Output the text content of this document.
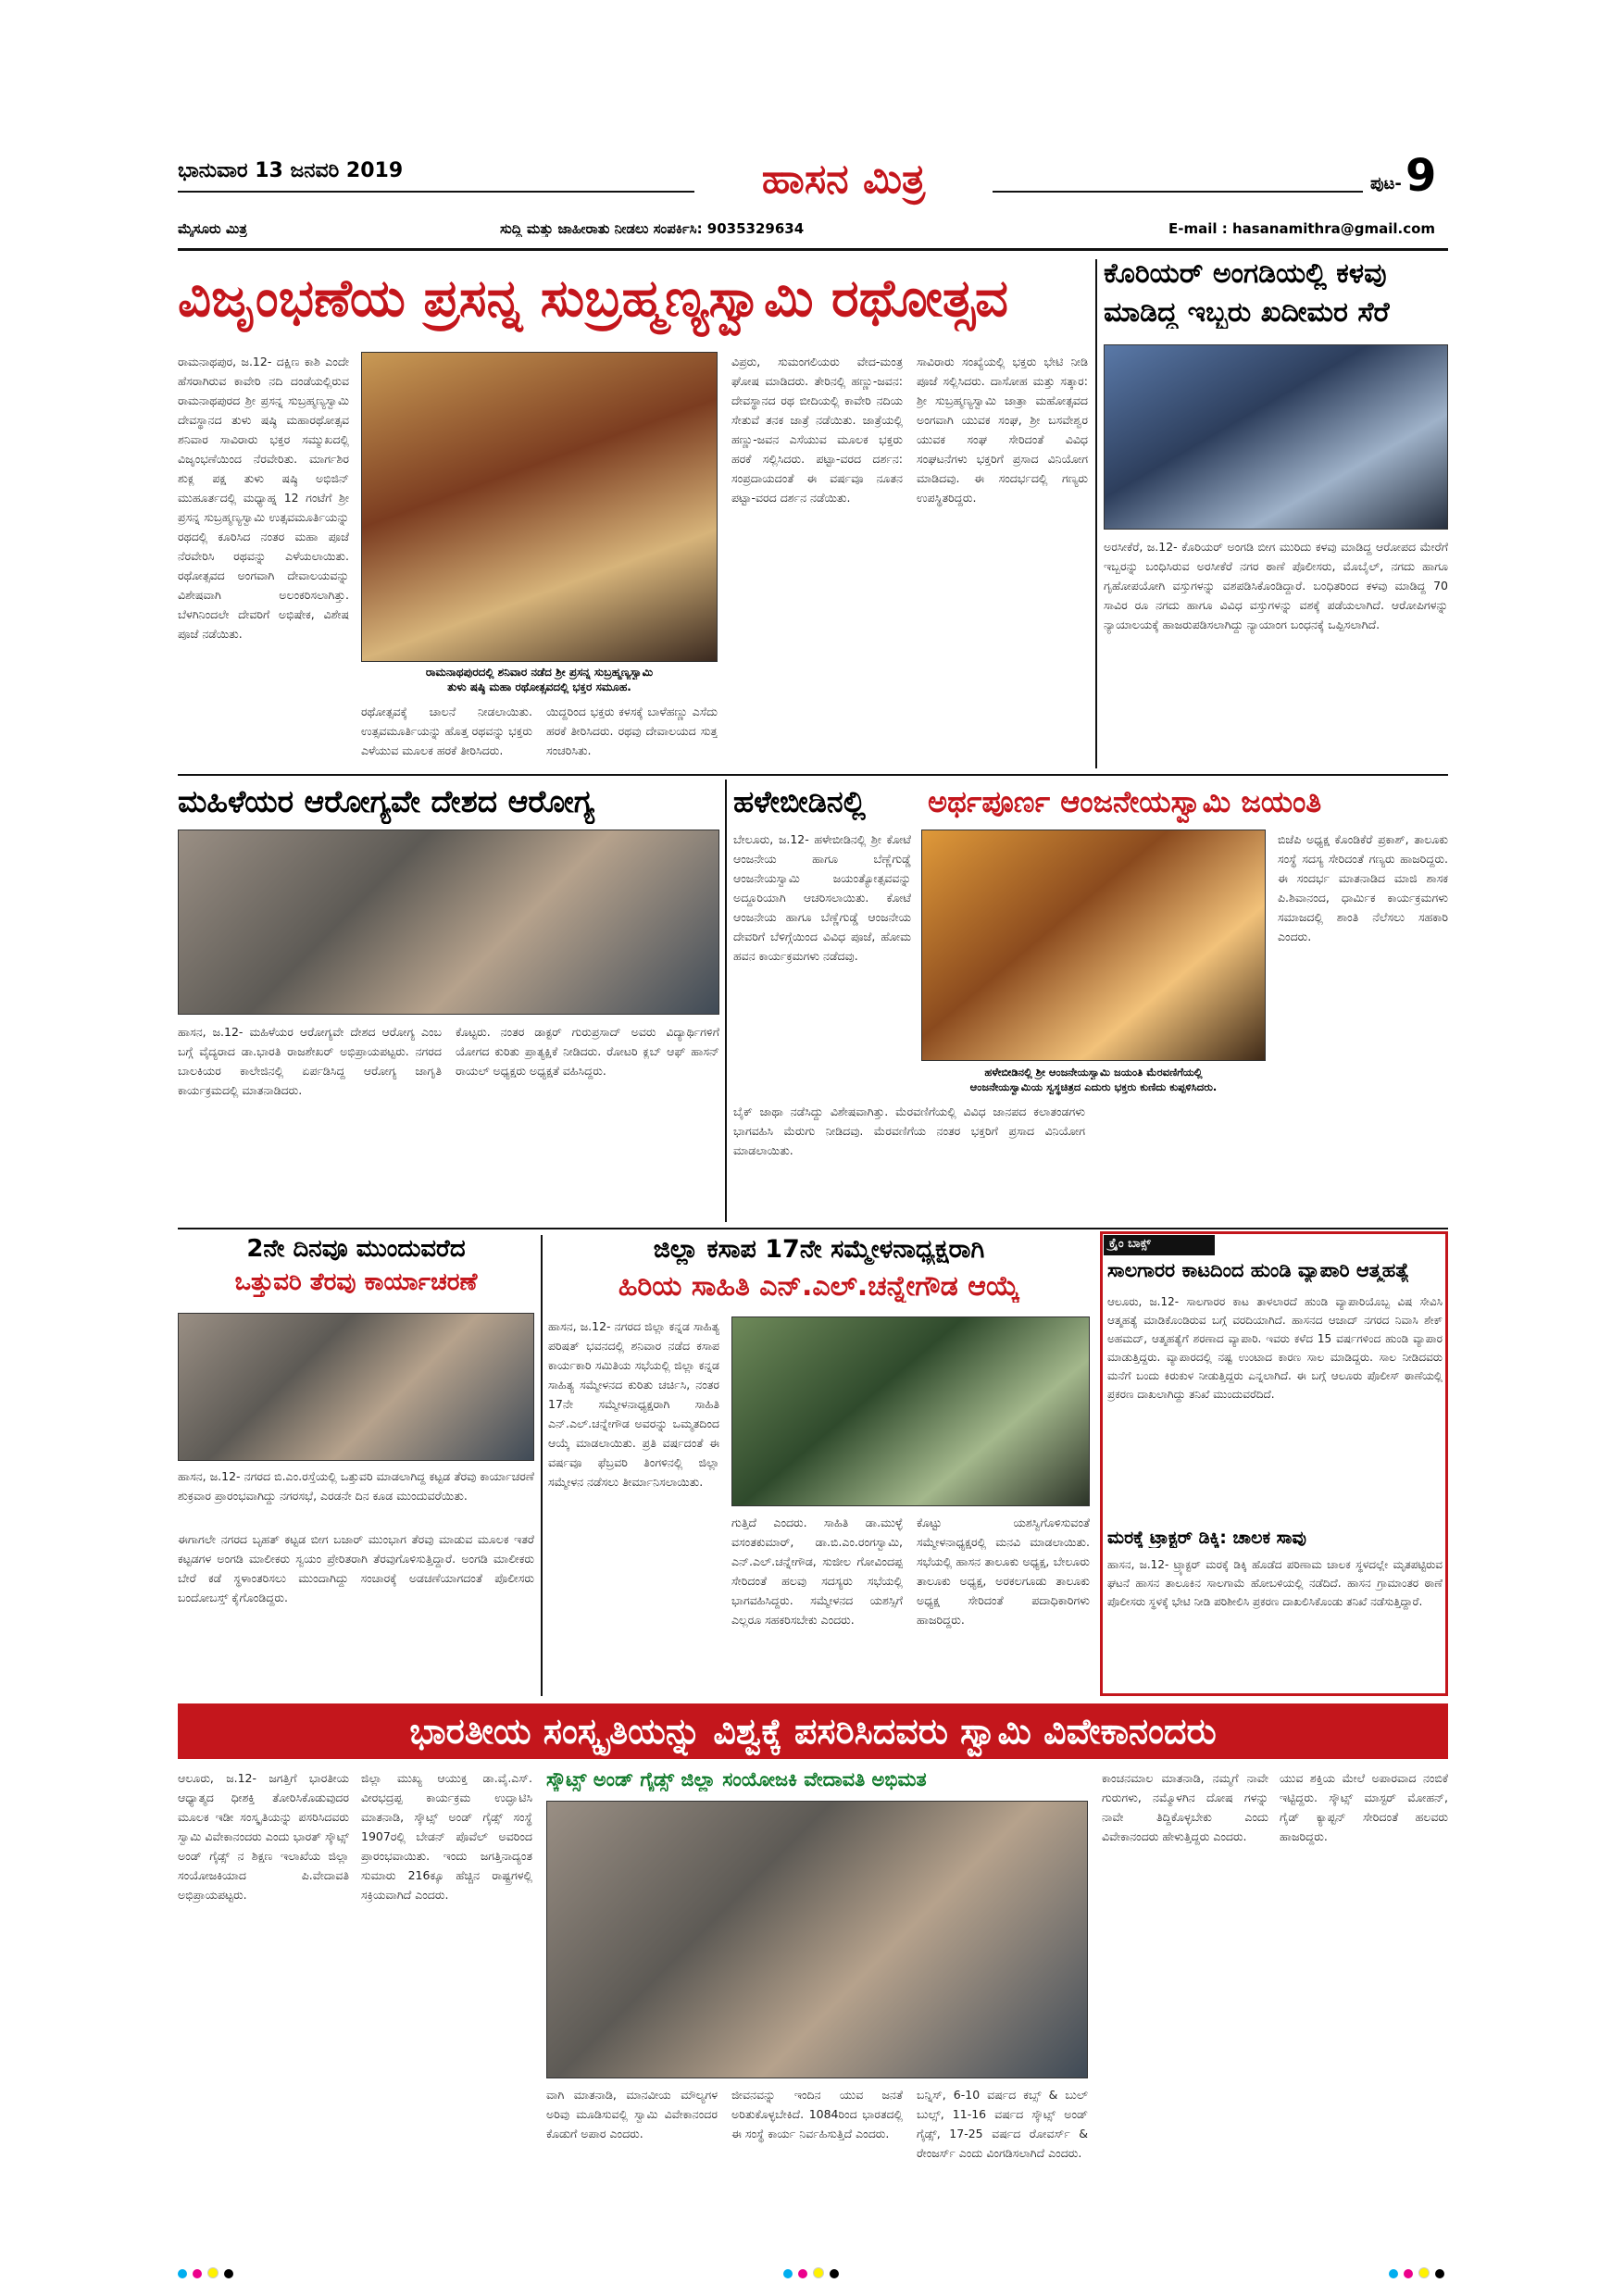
ಭಾನುವಾರ 13 ಜನವರಿ 2019	ಹಾಸನ ಮಿತ್ರ	ಪುಟ- 9
ಮೈಸೂರು ಮಿತ್ರ	ಸುದ್ದಿ ಮತ್ತು ಜಾಹೀರಾತು ನೀಡಲು ಸಂಪರ್ಕಿಸಿ: 9035329634	E-mail : hasanamithra@gmail.com
ವಿಜೃಂಭಣೆಯ ಪ್ರಸನ್ನ ಸುಬ್ರಹ್ಮಣ್ಯಸ್ವಾಮಿ ರಥೋತ್ಸವ
ರಾಮನಾಥಪುರ, ಜ.12- ದಕ್ಷಿಣ ಕಾಶಿ ಎಂದೇ ಹೆಸರಾಗಿರುವ ಕಾವೇರಿ ನದಿ ದಂಡೆಯಲ್ಲಿರುವ ರಾಮನಾಥಪುರದ ಶ್ರೀ ಪ್ರಸನ್ನ ಸುಬ್ರಹ್ಮಣ್ಯಸ್ವಾಮಿ ದೇವಸ್ಥಾನದ ತುಳು ಷಷ್ಠಿ ಮಹಾರಥೋತ್ಸವ ಶನಿವಾರ ಸಾವಿರಾರು ಭಕ್ತರ ಸಮ್ಮುಖದಲ್ಲಿ ವಿಜೃಂಭಣೆಯಿಂದ ನೆರವೇರಿತು. ಮಾರ್ಗಶಿರ ಶುಕ್ಲ ಪಕ್ಷ ತುಳು ಷಷ್ಠಿ ಅಭಿಜಿನ್ ಮುಹೂರ್ತದಲ್ಲಿ ಮಧ್ಯಾಹ್ನ 12 ಗಂಟೆಗೆ ಶ್ರೀ ಪ್ರಸನ್ನ ಸುಬ್ರಹ್ಮಣ್ಯಸ್ವಾಮಿ ಉತ್ಸವಮೂರ್ತಿಯನ್ನು ರಥದಲ್ಲಿ ಕೂರಿಸಿದ ನಂತರ ಮಹಾ ಪೂಜೆ ನೆರವೇರಿಸಿ ರಥವನ್ನು ಎಳೆಯಲಾಯಿತು. ರಥೋತ್ಸವದ ಅಂಗವಾಗಿ ದೇವಾಲಯವನ್ನು ವಿಶೇಷವಾಗಿ ಅಲಂಕರಿಸಲಾಗಿತ್ತು. ಬೆಳಗಿನಿಂದಲೇ ದೇವರಿಗೆ ಅಭಿಷೇಕ, ವಿಶೇಷ ಪೂಜೆ ನಡೆಯಿತು.
ರಾಮನಾಥಪುರದಲ್ಲಿ ಶನಿವಾರ ನಡೆದ ಶ್ರೀ ಪ್ರಸನ್ನ ಸುಬ್ರಹ್ಮಣ್ಯಸ್ವಾಮಿ
ತುಳು ಷಷ್ಠಿ ಮಹಾ ರಥೋತ್ಸವದಲ್ಲಿ ಭಕ್ತರ ಸಮೂಹ.
ರಥೋತ್ಸವಕ್ಕೆ ಚಾಲನೆ ನೀಡಲಾಯಿತು. ಉತ್ಸವಮೂರ್ತಿಯನ್ನು ಹೊತ್ತ ರಥವನ್ನು ಭಕ್ತರು ಎಳೆಯುವ ಮೂಲಕ ಹರಕೆ ತೀರಿಸಿದರು.
ಯಿದ್ದರಿಂದ ಭಕ್ತರು ಕಳಸಕ್ಕೆ ಬಾಳೆಹಣ್ಣು ಎಸೆದು ಹರಕೆ ತೀರಿಸಿದರು. ರಥವು ದೇವಾಲಯದ ಸುತ್ತ ಸಂಚರಿಸಿತು.
ವಿಪ್ರರು, ಸುಮಂಗಲಿಯರು ವೇದ-ಮಂತ್ರ ಘೋಷ ಮಾಡಿದರು. ತೇರಿನಲ್ಲಿ ಹಣ್ಣು-ಜವನ: ದೇವಸ್ಥಾನದ ರಥ ಬೀದಿಯಲ್ಲಿ ಕಾವೇರಿ ನದಿಯ ಸೇತುವೆ ತನಕ ಜಾತ್ರೆ ನಡೆಯಿತು. ಜಾತ್ರೆಯಲ್ಲಿ ಹಣ್ಣು-ಜವನ ಎಸೆಯುವ ಮೂಲಕ ಭಕ್ತರು ಹರಕೆ ಸಲ್ಲಿಸಿದರು. ಪಟ್ಟಾ-ವರದ ದರ್ಶನ: ಸಂಪ್ರದಾಯದಂತೆ ಈ ವರ್ಷವೂ ನೂತನ ಪಟ್ಟಾ-ವರದ ದರ್ಶನ ನಡೆಯಿತು.
ಸಾವಿರಾರು ಸಂಖ್ಯೆಯಲ್ಲಿ ಭಕ್ತರು ಭೇಟಿ ನೀಡಿ ಪೂಜೆ ಸಲ್ಲಿಸಿದರು. ದಾಸೋಹ ಮತ್ತು ಸತ್ಕಾರ: ಶ್ರೀ ಸುಬ್ರಹ್ಮಣ್ಯಸ್ವಾಮಿ ಜಾತ್ರಾ ಮಹೋತ್ಸವದ ಅಂಗವಾಗಿ ಯುವಕ ಸಂಘ, ಶ್ರೀ ಬಸವೇಶ್ವರ ಯುವಕ ಸಂಘ ಸೇರಿದಂತೆ ವಿವಿಧ ಸಂಘಟನೆಗಳು ಭಕ್ತರಿಗೆ ಪ್ರಸಾದ ವಿನಿಯೋಗ ಮಾಡಿದವು. ಈ ಸಂದರ್ಭದಲ್ಲಿ ಗಣ್ಯರು ಉಪಸ್ಥಿತರಿದ್ದರು.
ಕೊರಿಯರ್ ಅಂಗಡಿಯಲ್ಲಿ ಕಳವು
ಮಾಡಿದ್ದ ಇಬ್ಬರು ಖದೀಮರ ಸೆರೆ
ಅರಸೀಕೆರೆ, ಜ.12- ಕೊರಿಯರ್ ಅಂಗಡಿ ಬೀಗ ಮುರಿದು ಕಳವು ಮಾಡಿದ್ದ ಆರೋಪದ ಮೇರೆಗೆ ಇಬ್ಬರನ್ನು ಬಂಧಿಸಿರುವ ಅರಸೀಕೆರೆ ನಗರ ಠಾಣೆ ಪೊಲೀಸರು, ಮೊಬೈಲ್, ನಗದು ಹಾಗೂ ಗೃಹೋಪಯೋಗಿ ವಸ್ತುಗಳನ್ನು ವಶಪಡಿಸಿಕೊಂಡಿದ್ದಾರೆ. ಬಂಧಿತರಿಂದ ಕಳವು ಮಾಡಿದ್ದ 70 ಸಾವಿರ ರೂ ನಗದು ಹಾಗೂ ವಿವಿಧ ವಸ್ತುಗಳನ್ನು ವಶಕ್ಕೆ ಪಡೆಯಲಾಗಿದೆ. ಆರೋಪಿಗಳನ್ನು ನ್ಯಾಯಾಲಯಕ್ಕೆ ಹಾಜರುಪಡಿಸಲಾಗಿದ್ದು ನ್ಯಾಯಾಂಗ ಬಂಧನಕ್ಕೆ ಒಪ್ಪಿಸಲಾಗಿದೆ.
ಮಹಿಳೆಯರ ಆರೋಗ್ಯವೇ ದೇಶದ ಆರೋಗ್ಯ
ಹಾಸನ, ಜ.12- ಮಹಿಳೆಯರ ಆರೋಗ್ಯವೇ ದೇಶದ ಆರೋಗ್ಯ ಎಂಬ ಬಗ್ಗೆ ವೈದ್ಯರಾದ ಡಾ.ಭಾರತಿ ರಾಜಶೇಖರ್ ಅಭಿಪ್ರಾಯಪಟ್ಟರು. ನಗರದ ಬಾಲಕಿಯರ ಕಾಲೇಜಿನಲ್ಲಿ ಏರ್ಪಡಿಸಿದ್ದ ಆರೋಗ್ಯ ಜಾಗೃತಿ ಕಾರ್ಯಕ್ರಮದಲ್ಲಿ ಮಾತನಾಡಿದರು.
ಕೊಟ್ಟರು. ನಂತರ ಡಾಕ್ಟರ್ ಗುರುಪ್ರಸಾದ್ ಅವರು ವಿದ್ಯಾರ್ಥಿಗಳಿಗೆ ಯೋಗದ ಕುರಿತು ಪ್ರಾತ್ಯಕ್ಷಿಕೆ ನೀಡಿದರು. ರೋಟರಿ ಕ್ಲಬ್ ಆಫ್ ಹಾಸನ್ ರಾಯಲ್ ಅಧ್ಯಕ್ಷರು ಅಧ್ಯಕ್ಷತೆ ವಹಿಸಿದ್ದರು.
ಹಳೇಬೀಡಿನಲ್ಲಿ ಅರ್ಥಪೂರ್ಣ ಆಂಜನೇಯಸ್ವಾಮಿ ಜಯಂತಿ
ಬೇಲೂರು, ಜ.12- ಹಳೇಬೀಡಿನಲ್ಲಿ ಶ್ರೀ ಕೋಟೆ ಆಂಜನೇಯ ಹಾಗೂ ಬೆಣ್ಣೆಗುಡ್ಡೆ ಆಂಜನೇಯಸ್ವಾಮಿ ಜಯಂತ್ಯೋತ್ಸವವನ್ನು ಅದ್ದೂರಿಯಾಗಿ ಆಚರಿಸಲಾಯಿತು. ಕೋಟೆ ಆಂಜನೇಯ ಹಾಗೂ ಬೆಣ್ಣೆಗುಡ್ಡೆ ಆಂಜನೇಯ ದೇವರಿಗೆ ಬೆಳಿಗ್ಗೆಯಿಂದ ವಿವಿಧ ಪೂಜೆ, ಹೋಮ ಹವನ ಕಾರ್ಯಕ್ರಮಗಳು ನಡೆದವು.
ಹಳೇಬೀಡಿನಲ್ಲಿ ಶ್ರೀ ಆಂಜನೇಯಸ್ವಾಮಿ ಜಯಂತಿ ಮೆರವಣಿಗೆಯಲ್ಲಿ
ಆಂಜನೇಯಸ್ವಾಮಿಯ ಸ್ವಸ್ಥಚಿತ್ರದ ಎದುರು ಭಕ್ತರು ಕುಣಿದು ಕುಪ್ಪಳಿಸಿದರು.
ಬೈಕ್ ಜಾಥಾ ನಡೆಸಿದ್ದು ವಿಶೇಷವಾಗಿತ್ತು. ಮೆರವಣಿಗೆಯಲ್ಲಿ ವಿವಿಧ ಜಾನಪದ ಕಲಾತಂಡಗಳು ಭಾಗವಹಿಸಿ ಮೆರುಗು ನೀಡಿದವು. ಮೆರವಣಿಗೆಯ ನಂತರ ಭಕ್ತರಿಗೆ ಪ್ರಸಾದ ವಿನಿಯೋಗ ಮಾಡಲಾಯಿತು.
ಬಿಜೆಪಿ ಅಧ್ಯಕ್ಷ ಕೊಂಡಿಕೆರೆ ಪ್ರಕಾಶ್, ತಾಲೂಕು ಸಂಸ್ಥೆ ಸದಸ್ಯ ಸೇರಿದಂತೆ ಗಣ್ಯರು ಹಾಜರಿದ್ದರು. ಈ ಸಂದರ್ಭ ಮಾತನಾಡಿದ ಮಾಜಿ ಶಾಸಕ ಪಿ.ಶಿವಾನಂದ, ಧಾರ್ಮಿಕ ಕಾರ್ಯಕ್ರಮಗಳು ಸಮಾಜದಲ್ಲಿ ಶಾಂತಿ ನೆಲೆಸಲು ಸಹಕಾರಿ ಎಂದರು.
2ನೇ ದಿನವೂ ಮುಂದುವರೆದ
ಒತ್ತುವರಿ ತೆರವು ಕಾರ್ಯಾಚರಣೆ
ಹಾಸನ, ಜ.12- ನಗರದ ಬಿ.ಎಂ.ರಸ್ತೆಯಲ್ಲಿ ಒತ್ತುವರಿ ಮಾಡಲಾಗಿದ್ದ ಕಟ್ಟಡ ತೆರವು ಕಾರ್ಯಾಚರಣೆ ಶುಕ್ರವಾರ ಪ್ರಾರಂಭವಾಗಿದ್ದು ನಗರಸಭೆ, ಎರಡನೇ ದಿನ ಕೂಡ ಮುಂದುವರೆಯಿತು.
ಈಗಾಗಲೇ ನಗರದ ಬೃಹತ್ ಕಟ್ಟಡ ಬೀಗ ಬಜಾರ್ ಮುಂಭಾಗ ತೆರವು ಮಾಡುವ ಮೂಲಕ ಇತರೆ ಕಟ್ಟಡಗಳ ಅಂಗಡಿ ಮಾಲೀಕರು ಸ್ವಯಂ ಪ್ರೇರಿತರಾಗಿ ತೆರವುಗೊಳಿಸುತ್ತಿದ್ದಾರೆ. ಅಂಗಡಿ ಮಾಲೀಕರು ಬೇರೆ ಕಡೆ ಸ್ಥಳಾಂತರಿಸಲು ಮುಂದಾಗಿದ್ದು ಸಂಚಾರಕ್ಕೆ ಅಡಚಣೆಯಾಗದಂತೆ ಪೊಲೀಸರು ಬಂದೋಬಸ್ತ್ ಕೈಗೊಂಡಿದ್ದರು.
ಜಿಲ್ಲಾ ಕಸಾಪ 17ನೇ ಸಮ್ಮೇಳನಾಧ್ಯಕ್ಷರಾಗಿ
ಹಿರಿಯ ಸಾಹಿತಿ ಎನ್.ಎಲ್.ಚನ್ನೇಗೌಡ ಆಯ್ಕೆ
ಹಾಸನ, ಜ.12- ನಗರದ ಜಿಲ್ಲಾ ಕನ್ನಡ ಸಾಹಿತ್ಯ ಪರಿಷತ್ ಭವನದಲ್ಲಿ ಶನಿವಾರ ನಡೆದ ಕಸಾಪ ಕಾರ್ಯಕಾರಿ ಸಮಿತಿಯ ಸಭೆಯಲ್ಲಿ ಜಿಲ್ಲಾ ಕನ್ನಡ ಸಾಹಿತ್ಯ ಸಮ್ಮೇಳನದ ಕುರಿತು ಚರ್ಚಿಸಿ, ನಂತರ 17ನೇ ಸಮ್ಮೇಳನಾಧ್ಯಕ್ಷರಾಗಿ ಸಾಹಿತಿ ಎನ್.ಎಲ್.ಚನ್ನೇಗೌಡ ಅವರನ್ನು ಒಮ್ಮತದಿಂದ ಆಯ್ಕೆ ಮಾಡಲಾಯಿತು. ಪ್ರತಿ ವರ್ಷದಂತೆ ಈ ವರ್ಷವೂ ಫೆಬ್ರವರಿ ತಿಂಗಳಿನಲ್ಲಿ ಜಿಲ್ಲಾ ಸಮ್ಮೇಳನ ನಡೆಸಲು ತೀರ್ಮಾನಿಸಲಾಯಿತು.
ಗುತ್ತಿದೆ ಎಂದರು. ಸಾಹಿತಿ ಡಾ.ಮುಳ್ಳೆ ವಸಂತಕುಮಾರ್, ಡಾ.ಬಿ.ಎಂ.ರಂಗಸ್ವಾಮಿ, ಎನ್.ಎಲ್.ಚನ್ನೇಗೌಡ, ಸುಜೀಲ ಗೋವಿಂದಪ್ಪ ಸೇರಿದಂತೆ ಹಲವು ಸದಸ್ಯರು ಸಭೆಯಲ್ಲಿ ಭಾಗವಹಿಸಿದ್ದರು. ಸಮ್ಮೇಳನದ ಯಶಸ್ಸಿಗೆ ಎಲ್ಲರೂ ಸಹಕರಿಸಬೇಕು ಎಂದರು.
ಕೊಟ್ಟು ಯಶಸ್ವಿಗೊಳಿಸುವಂತೆ ಸಮ್ಮೇಳನಾಧ್ಯಕ್ಷರಲ್ಲಿ ಮನವಿ ಮಾಡಲಾಯಿತು. ಸಭೆಯಲ್ಲಿ ಹಾಸನ ತಾಲೂಕು ಅಧ್ಯಕ್ಷ, ಬೇಲೂರು ತಾಲೂಕು ಅಧ್ಯಕ್ಷ, ಅರಕಲಗೂಡು ತಾಲೂಕು ಅಧ್ಯಕ್ಷ ಸೇರಿದಂತೆ ಪದಾಧಿಕಾರಿಗಳು ಹಾಜರಿದ್ದರು.
ಕ್ರೈಂ ಬಾಕ್ಸ್
ಸಾಲಗಾರರ ಕಾಟದಿಂದ ಹುಂಡಿ ವ್ಯಾಪಾರಿ ಆತ್ಮಹತ್ಯೆ
ಆಲೂರು, ಜ.12- ಸಾಲಗಾರರ ಕಾಟ ತಾಳಲಾರದೆ ಹುಂಡಿ ವ್ಯಾಪಾರಿಯೊಬ್ಬ ವಿಷ ಸೇವಿಸಿ ಆತ್ಮಹತ್ಯೆ ಮಾಡಿಕೊಂಡಿರುವ ಬಗ್ಗೆ ವರದಿಯಾಗಿದೆ. ಹಾಸನದ ಆಜಾದ್ ನಗರದ ನಿವಾಸಿ ಶೇಕ್ ಅಹಮದ್, ಆತ್ಮಹತ್ಯೆಗೆ ಶರಣಾದ ವ್ಯಾಪಾರಿ. ಇವರು ಕಳೆದ 15 ವರ್ಷಗಳಿಂದ ಹುಂಡಿ ವ್ಯಾಪಾರ ಮಾಡುತ್ತಿದ್ದರು. ವ್ಯಾಪಾರದಲ್ಲಿ ನಷ್ಟ ಉಂಟಾದ ಕಾರಣ ಸಾಲ ಮಾಡಿದ್ದರು. ಸಾಲ ನೀಡಿದವರು ಮನೆಗೆ ಬಂದು ಕಿರುಕುಳ ನೀಡುತ್ತಿದ್ದರು ಎನ್ನಲಾಗಿದೆ. ಈ ಬಗ್ಗೆ ಆಲೂರು ಪೊಲೀಸ್ ಠಾಣೆಯಲ್ಲಿ ಪ್ರಕರಣ ದಾಖಲಾಗಿದ್ದು ತನಿಖೆ ಮುಂದುವರೆದಿದೆ.
ಮರಕ್ಕೆ ಟ್ರಾಕ್ಟರ್ ಡಿಕ್ಕಿ: ಚಾಲಕ ಸಾವು
ಹಾಸನ, ಜ.12- ಟ್ರ್ಯಾಕ್ಟರ್ ಮರಕ್ಕೆ ಡಿಕ್ಕಿ ಹೊಡೆದ ಪರಿಣಾಮ ಚಾಲಕ ಸ್ಥಳದಲ್ಲೇ ಮೃತಪಟ್ಟಿರುವ ಘಟನೆ ಹಾಸನ ತಾಲೂಕಿನ ಸಾಲಗಾಮೆ ಹೋಬಳಿಯಲ್ಲಿ ನಡೆದಿದೆ. ಹಾಸನ ಗ್ರಾಮಾಂತರ ಠಾಣೆ ಪೊಲೀಸರು ಸ್ಥಳಕ್ಕೆ ಭೇಟಿ ನೀಡಿ ಪರಿಶೀಲಿಸಿ ಪ್ರಕರಣ ದಾಖಲಿಸಿಕೊಂಡು ತನಿಖೆ ನಡೆಸುತ್ತಿದ್ದಾರೆ.
ಭಾರತೀಯ ಸಂಸ್ಕೃತಿಯನ್ನು ವಿಶ್ವಕ್ಕೆ ಪಸರಿಸಿದವರು ಸ್ವಾಮಿ ವಿವೇಕಾನಂದರು
ಆಲೂರು, ಜ.12- ಜಗತ್ತಿಗೆ ಭಾರತೀಯ ಆಧ್ಯಾತ್ಮದ ಧೀಶಕ್ತಿ ತೋರಿಸಿಕೊಡುವುದರ ಮೂಲಕ ಇಡೀ ಸಂಸ್ಕೃತಿಯನ್ನು ಪಸರಿಸಿದವರು ಸ್ವಾಮಿ ವಿವೇಕಾನಂದರು ಎಂದು ಭಾರತ್ ಸ್ಕೌಟ್ಸ್ ಅಂಡ್ ಗೈಡ್ಸ್ ನ ಶಿಕ್ಷಣ ಇಲಾಖೆಯ ಜಿಲ್ಲಾ ಸಂಯೋಜಕಿಯಾದ ಪಿ.ವೇದಾವತಿ ಅಭಿಪ್ರಾಯಪಟ್ಟರು.
ಜಿಲ್ಲಾ ಮುಖ್ಯ ಆಯುಕ್ತ ಡಾ.ವೈ.ಎಸ್. ವೀರಭದ್ರಪ್ಪ ಕಾರ್ಯಕ್ರಮ ಉದ್ಘಾಟಿಸಿ ಮಾತನಾಡಿ, ಸ್ಕೌಟ್ಸ್ ಅಂಡ್ ಗೈಡ್ಸ್ ಸಂಸ್ಥೆ 1907ರಲ್ಲಿ ಬೇಡನ್ ಪೊವೆಲ್ ಅವರಿಂದ ಪ್ರಾರಂಭವಾಯಿತು. ಇಂದು ಜಗತ್ತಿನಾದ್ಯಂತ ಸುಮಾರು 216ಕ್ಕೂ ಹೆಚ್ಚಿನ ರಾಷ್ಟ್ರಗಳಲ್ಲಿ ಸಕ್ರಿಯವಾಗಿದೆ ಎಂದರು.
ಸ್ಕೌಟ್ಸ್ ಅಂಡ್ ಗೈಡ್ಸ್ ಜಿಲ್ಲಾ ಸಂಯೋಜಕಿ ವೇದಾವತಿ ಅಭಿಮತ
ವಾಗಿ ಮಾತನಾಡಿ, ಮಾನವೀಯ ಮೌಲ್ಯಗಳ ಅರಿವು ಮೂಡಿಸುವಲ್ಲಿ ಸ್ವಾಮಿ ವಿವೇಕಾನಂದರ ಕೊಡುಗೆ ಅಪಾರ ಎಂದರು.
ಜೀವನವನ್ನು ಇಂದಿನ ಯುವ ಜನತೆ ಅರಿತುಕೊಳ್ಳಬೇಕಿದೆ. 1084ರಿಂದ ಭಾರತದಲ್ಲಿ ಈ ಸಂಸ್ಥೆ ಕಾರ್ಯ ನಿರ್ವಹಿಸುತ್ತಿದೆ ಎಂದರು.
ಬನ್ನಿಸ್, 6-10 ವರ್ಷದ ಕಬ್ಸ್ & ಬುಲ್ ಬುಲ್ಸ್, 11-16 ವರ್ಷದ ಸ್ಕೌಟ್ಸ್ ಅಂಡ್ ಗೈಡ್ಸ್, 17-25 ವರ್ಷದ ರೋವರ್ಸ್ & ರೇಂಜರ್ಸ್ ಎಂದು ವಿಂಗಡಿಸಲಾಗಿದೆ ಎಂದರು.
ಕಾಂಚನಮಾಲ ಮಾತನಾಡಿ, ನಮ್ಮಗೆ ನಾವೇ ಗುರುಗಳು, ನಮ್ಮೊಳಗಿನ ದೋಷ ಗಳನ್ನು ನಾವೇ ತಿದ್ದಿಕೊಳ್ಳಬೇಕು ಎಂದು ವಿವೇಕಾನಂದರು ಹೇಳುತ್ತಿದ್ದರು ಎಂದರು.
ಯುವ ಶಕ್ತಿಯ ಮೇಲೆ ಅಪಾರವಾದ ನಂಬಿಕೆ ಇಟ್ಟಿದ್ದರು. ಸ್ಕೌಟ್ಸ್ ಮಾಸ್ಟರ್ ಮೋಹನ್, ಗೈಡ್ ಕ್ಯಾಪ್ಟನ್ ಸೇರಿದಂತೆ ಹಲವರು ಹಾಜರಿದ್ದರು.
